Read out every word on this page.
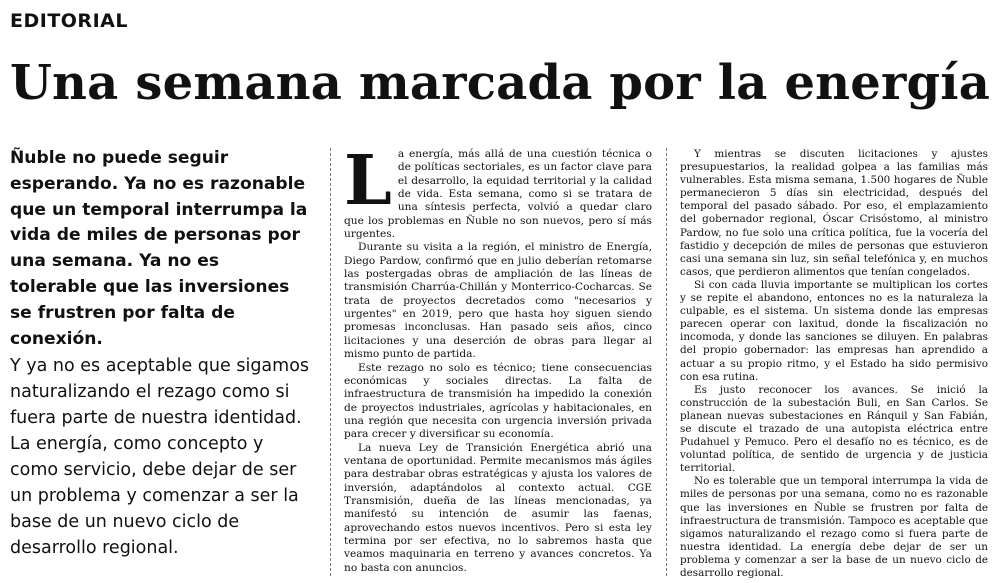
EDITORIAL
Una semana marcada por la energía

Ñuble no puede seguir esperando. Ya no es razonable que un temporal interrumpa la vida de miles de personas por una semana. Ya no es tolerable que las inversiones se frustren por falta de conexión.

Y ya no es aceptable que sigamos naturalizando el rezago como si fuera parte de nuestra identidad. La energía, como concepto y como servicio, debe dejar de ser un problema y comenzar a ser la base de un nuevo ciclo de desarrollo regional.

L a energía, más allá de una cuestión técnica o de políticas sectoriales, es un factor clave para el desarrollo, la equidad territorial y la calidad de vida. Esta semana, como si se tratara de una síntesis perfecta, volvió a quedar claro que los problemas en Ñuble no son nuevos, pero sí más urgentes.

Durante su visita a la región, el ministro de Energía, Diego Pardow, confirmó que en julio deberían retomarse las postergadas obras de ampliación de las líneas de transmisión Charrúa-Chillán y Monterrico-Cocharcas. Se trata de proyectos decretados como "necesarios y urgentes" en 2019, pero que hasta hoy siguen siendo promesas inconclusas. Han pasado seis años, cinco licitaciones y una deserción de obras para llegar al mismo punto de partida.

Este rezago no solo es técnico; tiene consecuencias económicas y sociales directas. La falta de infraestructura de transmisión ha impedido la conexión de proyectos industriales, agrícolas y habitacionales, en una región que necesita con urgencia inversión privada para crecer y diversificar su economía.

La nueva Ley de Transición Energética abrió una ventana de oportunidad. Permite mecanismos más ágiles para destrabar obras estratégicas y ajusta los valores de inversión, adaptándolos al contexto actual. CGE Transmisión, dueña de las líneas mencionadas, ya manifestó su intención de asumir las faenas, aprovechando estos nuevos incentivos. Pero si esta ley termina por ser efectiva, no lo sabremos hasta que veamos maquinaria en terreno y avances concretos. Ya no basta con anuncios.

Y mientras se discuten licitaciones y ajustes presupuestarios, la realidad golpea a las familias más vulnerables. Esta misma semana, 1.500 hogares de Ñuble permanecieron 5 días sin electricidad, después del temporal del pasado sábado. Por eso, el emplazamiento del gobernador regional, Óscar Crisóstomo, al ministro Pardow, no fue solo una crítica política, fue la vocería del fastidio y decepción de miles de personas que estuvieron casi una semana sin luz, sin señal telefónica y, en muchos casos, que perdieron alimentos que tenían congelados.

Si con cada lluvia importante se multiplican los cortes y se repite el abandono, entonces no es la naturaleza la culpable, es el sistema. Un sistema donde las empresas parecen operar con laxitud, donde la fiscalización no incomoda, y donde las sanciones se diluyen. En palabras del propio gobernador: las empresas han aprendido a actuar a su propio ritmo, y el Estado ha sido permisivo con esa rutina.

Es justo reconocer los avances. Se inició la construcción de la subestación Buli, en San Carlos. Se planean nuevas subestaciones en Ránquil y San Fabián, se discute el trazado de una autopista eléctrica entre Pudahuel y Pemuco. Pero el desafío no es técnico, es de voluntad política, de sentido de urgencia y de justicia territorial.

No es tolerable que un temporal interrumpa la vida de miles de personas por una semana, como no es razonable que las inversiones en Ñuble se frustren por falta de infraestructura de transmisión. Tampoco es aceptable que sigamos naturalizando el rezago como si fuera parte de nuestra identidad. La energía debe dejar de ser un problema y comenzar a ser la base de un nuevo ciclo de desarrollo regional.
